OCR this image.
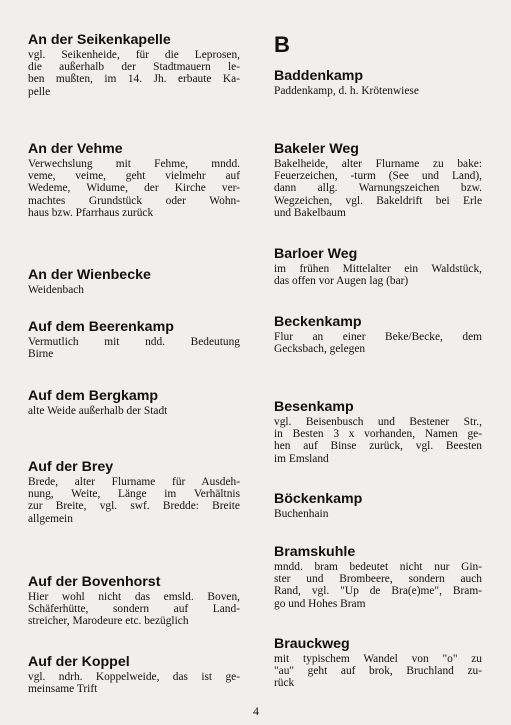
An der Seikenkapelle
vgl. Seikenheide, für die Leprosen,
die außerhalb der Stadtmauern le-
ben mußten, im 14. Jh. erbaute Ka-
pelle
An der Vehme
Verwechslung mit Fehme, mndd.
veme, veime, geht vielmehr auf
Wedeme, Widume, der Kirche ver-
machtes Grundstück oder Wohn-
haus bzw. Pfarrhaus zurück
An der Wienbecke
Weidenbach
Auf dem Beerenkamp
Vermutlich mit ndd. Bedeutung
Birne
Auf dem Bergkamp
alte Weide außerhalb der Stadt
Auf der Brey
Brede, alter Flurname für Ausdeh-
nung, Weite, Länge im Verhältnis
zur Breite, vgl. swf. Bredde: Breite
allgemein
Auf der Bovenhorst
Hier wohl nicht das emsld. Boven,
Schäferhütte, sondern auf Land-
streicher, Marodeure etc. bezüglich
Auf der Koppel
vgl. ndrh. Koppelweide, das ist ge-
meinsame Trift
B
Baddenkamp
Paddenkamp, d. h. Krötenwiese
Bakeler Weg
Bakelheide, alter Flurname zu bake:
Feuerzeichen, -turm (See und Land),
dann allg. Warnungszeichen bzw.
Wegzeichen, vgl. Bakeldrift bei Erle
und Bakelbaum
Barloer Weg
im frühen Mittelalter ein Waldstück,
das offen vor Augen lag (bar)
Beckenkamp
Flur an einer Beke/Becke, dem
Gecksbach, gelegen
Besenkamp
vgl. Beisenbusch und Bestener Str.,
in Besten 3 x vorhanden, Namen ge-
hen auf Binse zurück, vgl. Beesten
im Emsland
Böckenkamp
Buchenhain
Bramskuhle
mndd. bram bedeutet nicht nur Gin-
ster und Brombeere, sondern auch
Rand, vgl. "Up de Bra(e)me", Bram-
go und Hohes Bram
Brauckweg
mit typischem Wandel von "o" zu
"au" geht auf brok, Bruchland zu-
rück
4
